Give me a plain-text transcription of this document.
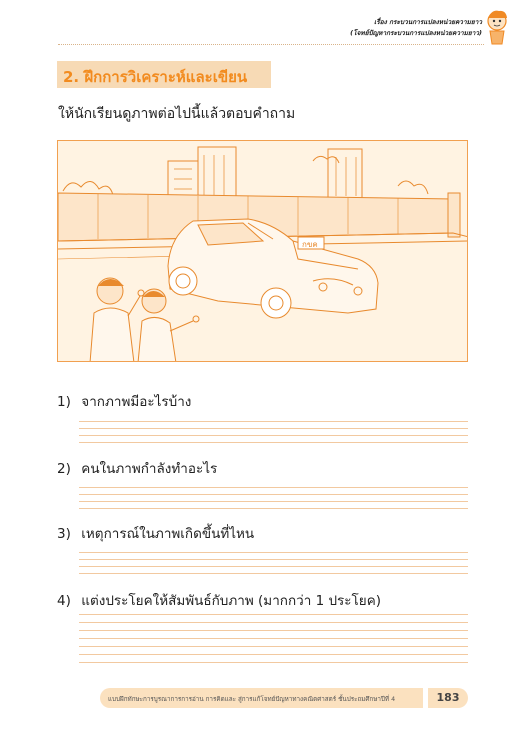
เรื่อง กระบวนการแปลงหน่วยความยาว
(โจทย์ปัญหากระบวนการแปลงหน่วยความยาว)
2. ฝึกการวิเคราะห์และเขียน
ให้นักเรียนดูภาพต่อไปนี้แล้วตอบคำถาม
กขค
1) จากภาพมีอะไรบ้าง
2) คนในภาพกำลังทำอะไร
3) เหตุการณ์ในภาพเกิดขึ้นที่ไหน
4) แต่งประโยคให้สัมพันธ์กับภาพ (มากกว่า 1 ประโยค)
แบบฝึกทักษะการบูรณาการการอ่าน การคิดและ สู่การแก้โจทย์ปัญหาทางคณิตศาสตร์ ชั้นประถมศึกษาปีที่ 4	183
